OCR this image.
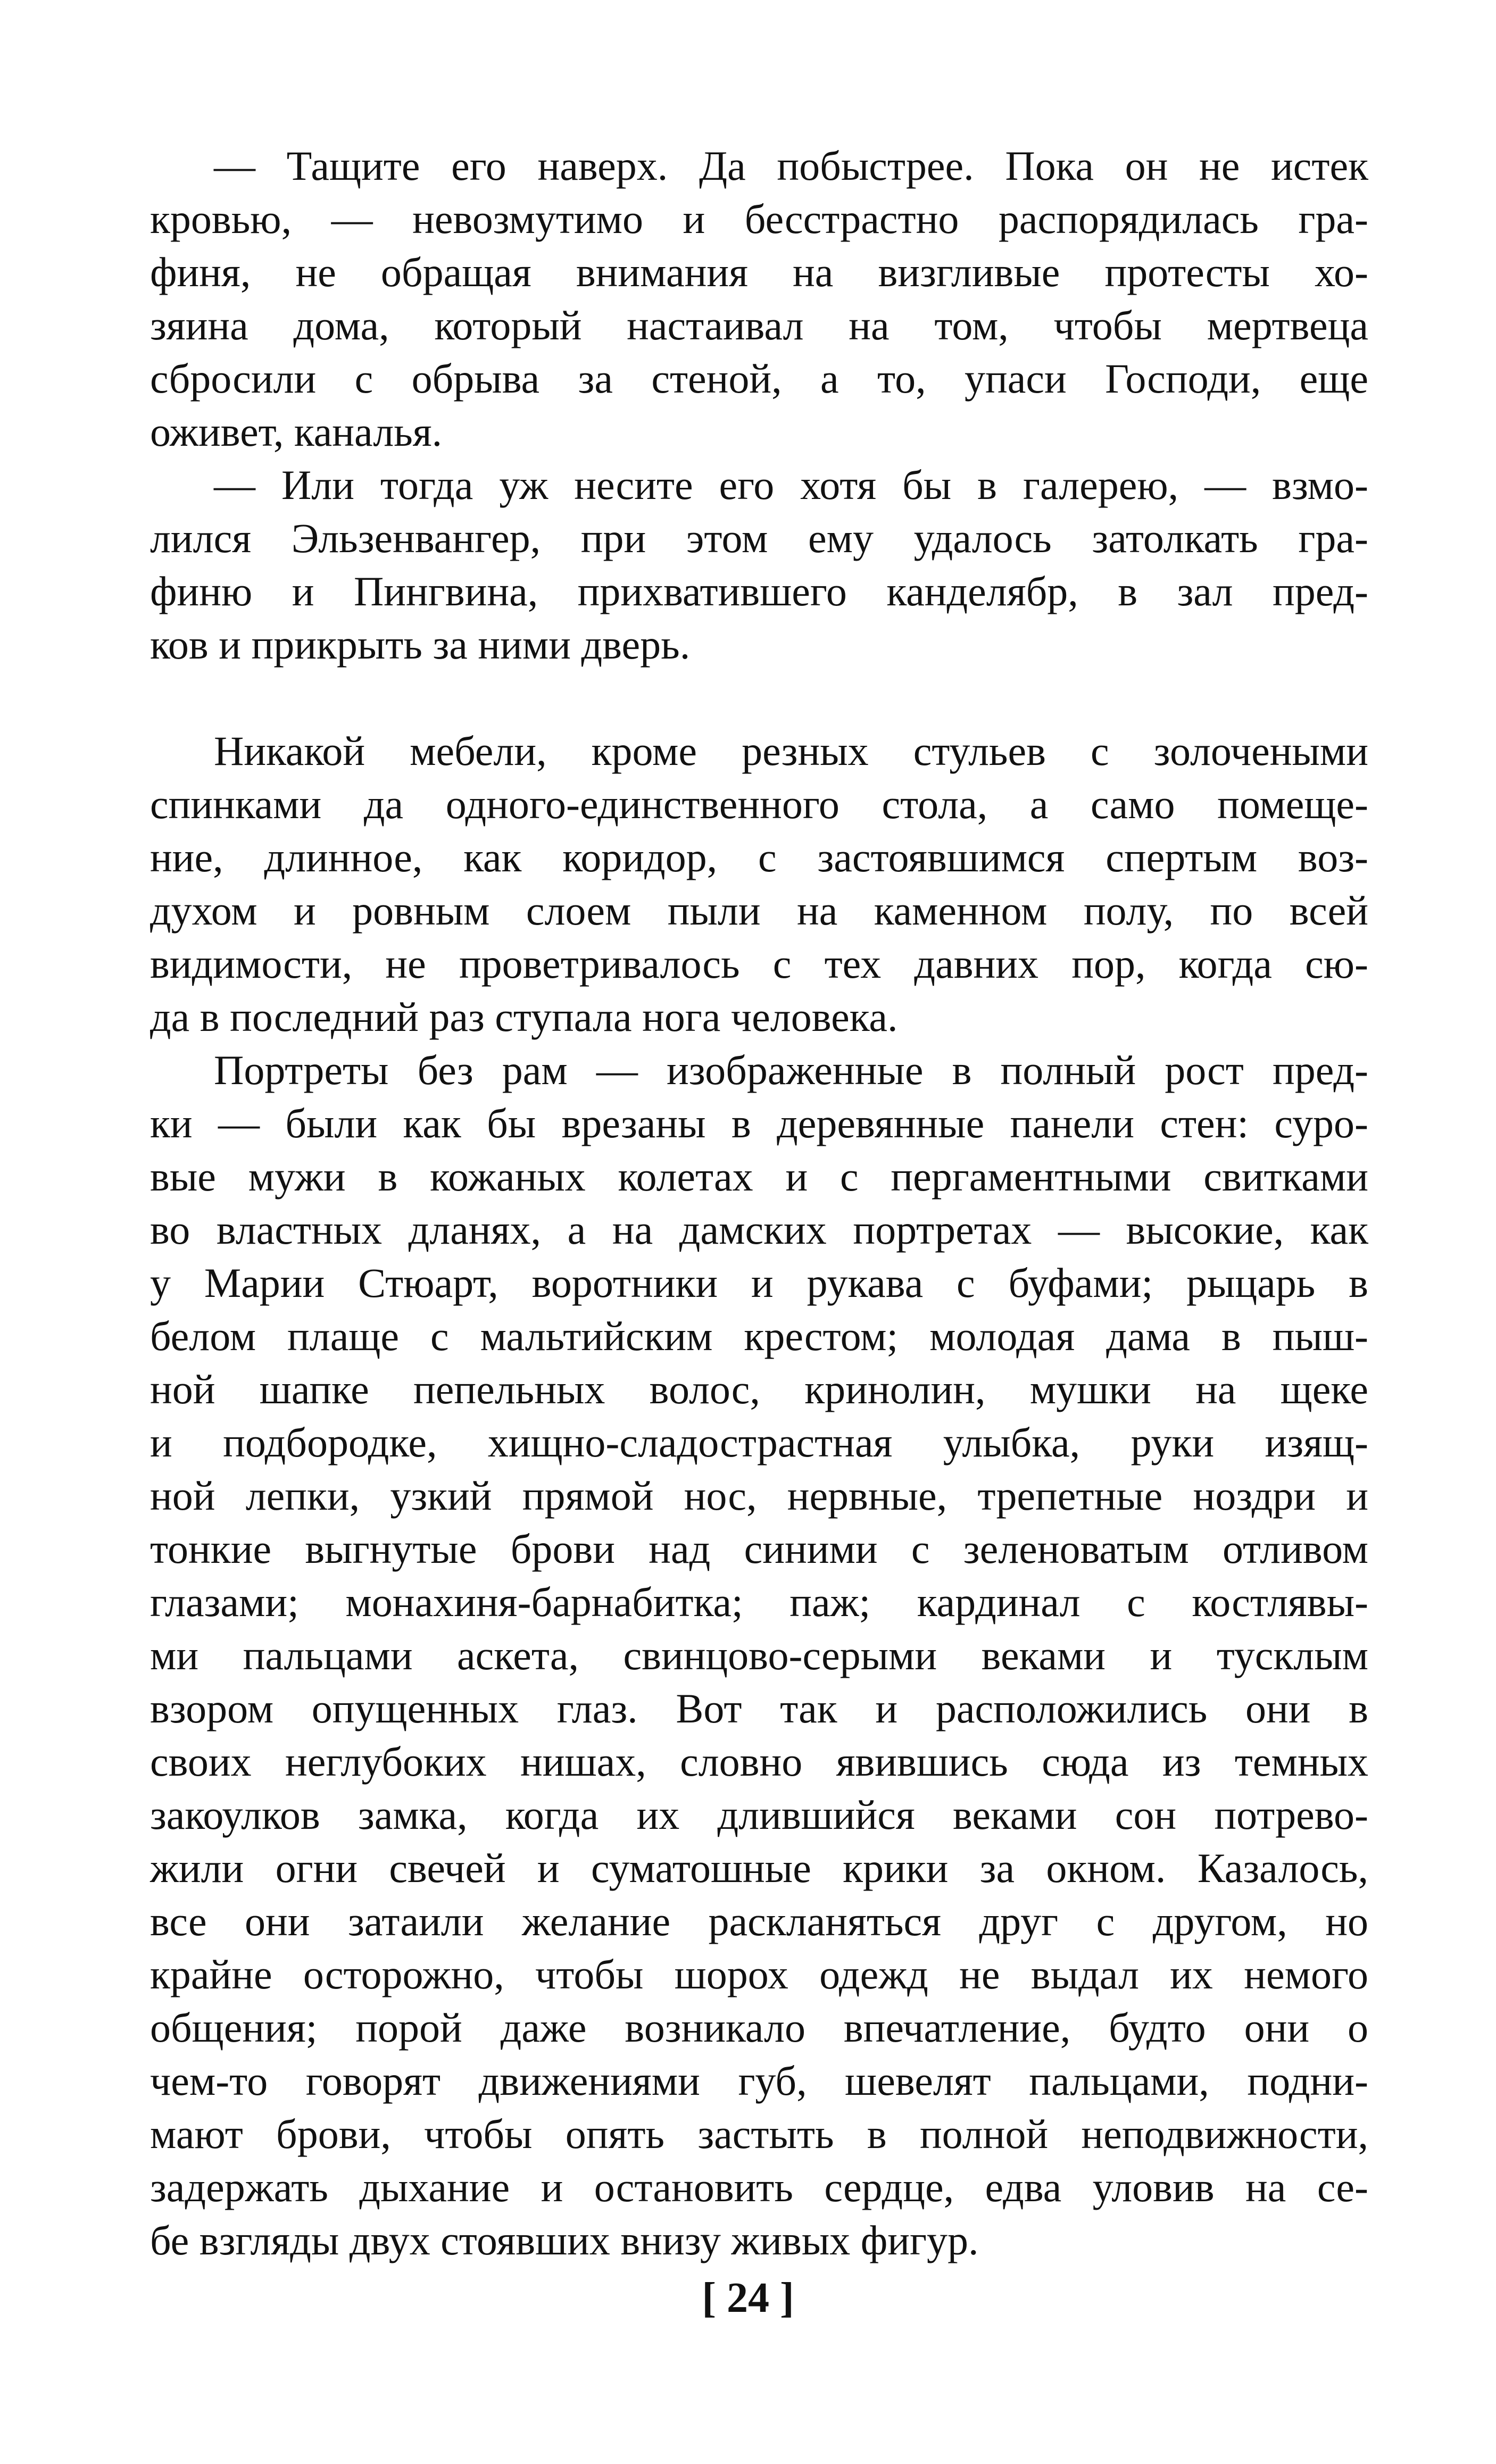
— Тащите его наверх. Да побыстрее. Пока он не истек
кровью, — невозмутимо и бесстрастно распорядилась гра-
финя, не обращая внимания на визгливые протесты хо-
зяина дома, который настаивал на том, чтобы мертвеца
сбросили с обрыва за стеной, а то, упаси Господи, еще
оживет, каналья.
— Или тогда уж несите его хотя бы в галерею, — взмо-
лился Эльзенвангер, при этом ему удалось затолкать гра-
финю и Пингвина, прихватившего канделябр, в зал пред-
ков и прикрыть за ними дверь.
Никакой мебели, кроме резных стульев с золочеными
спинками да одного-единственного стола, а само помеще-
ние, длинное, как коридор, с застоявшимся спертым воз-
духом и ровным слоем пыли на каменном полу, по всей
видимости, не проветривалось с тех давних пор, когда сю-
да в последний раз ступала нога человека.
Портреты без рам — изображенные в полный рост пред-
ки — были как бы врезаны в деревянные панели стен: суро-
вые мужи в кожаных колетах и с пергаментными свитками
во властных дланях, а на дамских портретах — высокие, как
у Марии Стюарт, воротники и рукава с буфами; рыцарь в
белом плаще с мальтийским крестом; молодая дама в пыш-
ной шапке пепельных волос, кринолин, мушки на щеке
и подбородке, хищно-сладострастная улыбка, руки изящ-
ной лепки, узкий прямой нос, нервные, трепетные ноздри и
тонкие выгнутые брови над синими с зеленоватым отливом
глазами; монахиня-барнабитка; паж; кардинал с костлявы-
ми пальцами аскета, свинцово-серыми веками и тусклым
взором опущенных глаз. Вот так и расположились они в
своих неглубоких нишах, словно явившись сюда из темных
закоулков замка, когда их длившийся веками сон потрево-
жили огни свечей и суматошные крики за окном. Казалось,
все они затаили желание раскланяться друг с другом, но
крайне осторожно, чтобы шорох одежд не выдал их немого
общения; порой даже возникало впечатление, будто они о
чем-то говорят движениями губ, шевелят пальцами, подни-
мают брови, чтобы опять застыть в полной неподвижности,
задержать дыхание и остановить сердце, едва уловив на се-
бе взгляды двух стоявших внизу живых фигур.
[ 24 ]
